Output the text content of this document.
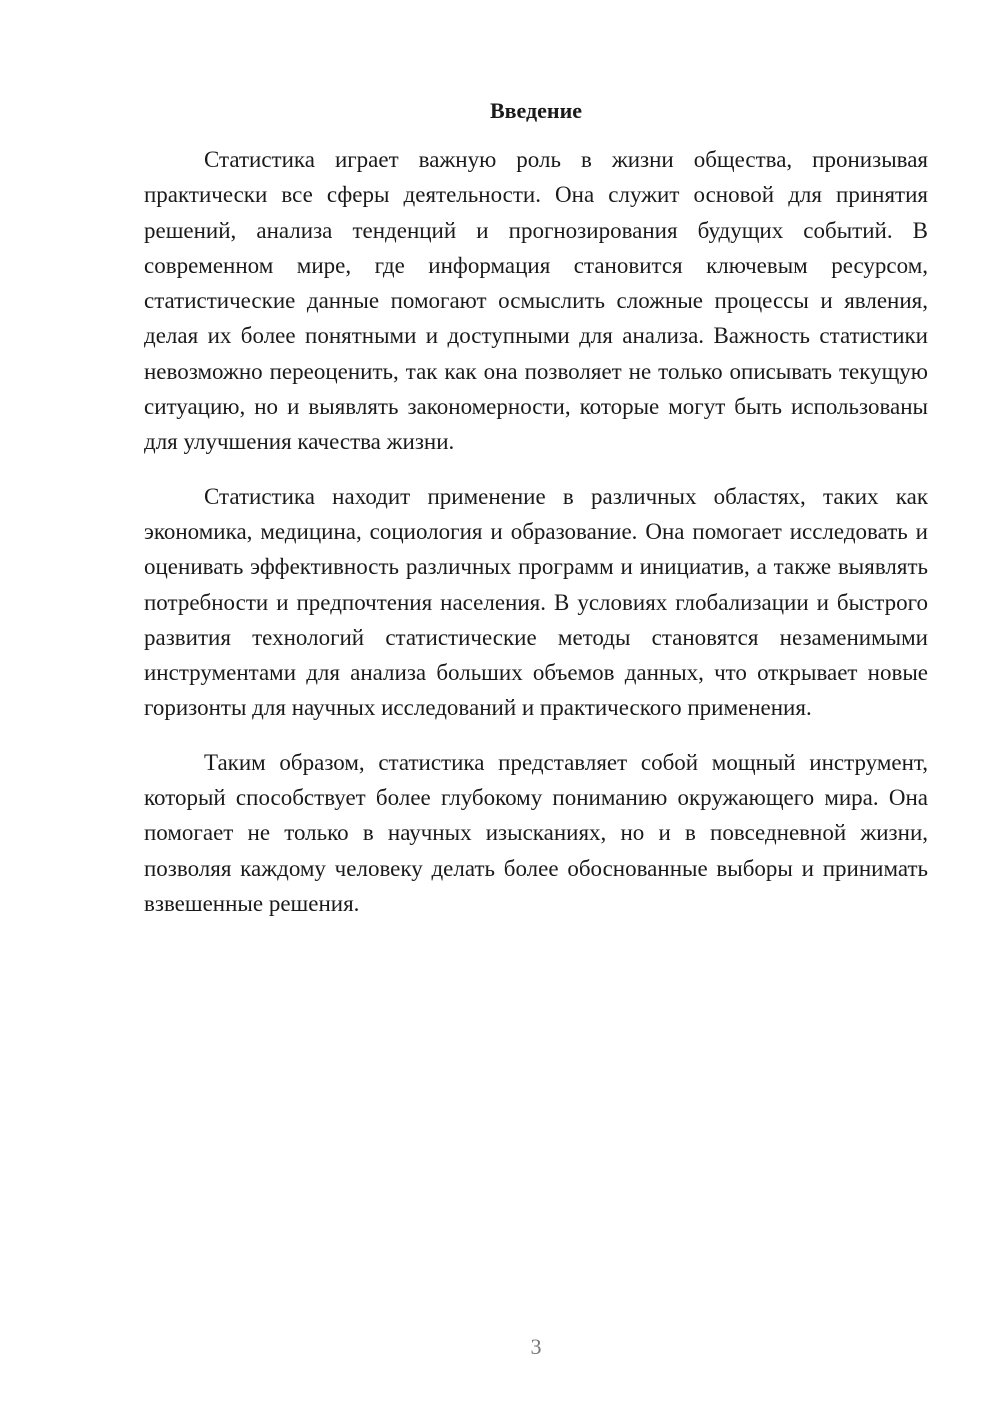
Введение

Статистика играет важную роль в жизни общества, пронизывая практически все сферы деятельности. Она служит основой для принятия решений, анализа тенденций и прогнозирования будущих событий. В современном мире, где информация становится ключевым ресурсом, статистические данные помогают осмыслить сложные процессы и явления, делая их более понятными и доступными для анализа. Важность статистики невозможно переоценить, так как она позволяет не только описывать текущую ситуацию, но и выявлять закономерности, которые могут быть использованы для улучшения качества жизни.

Статистика находит применение в различных областях, таких как экономика, медицина, социология и образование. Она помогает исследовать и оценивать эффективность различных программ и инициатив, а также выявлять потребности и предпочтения населения. В условиях глобализации и быстрого развития технологий статистические методы становятся незаменимыми инструментами для анализа больших объемов данных, что открывает новые горизонты для научных исследований и практического применения.

Таким образом, статистика представляет собой мощный инструмент, который способствует более глубокому пониманию окружающего мира. Она помогает не только в научных изысканиях, но и в повседневной жизни, позволяя каждому человеку делать более обоснованные выборы и принимать взвешенные решения.

3
